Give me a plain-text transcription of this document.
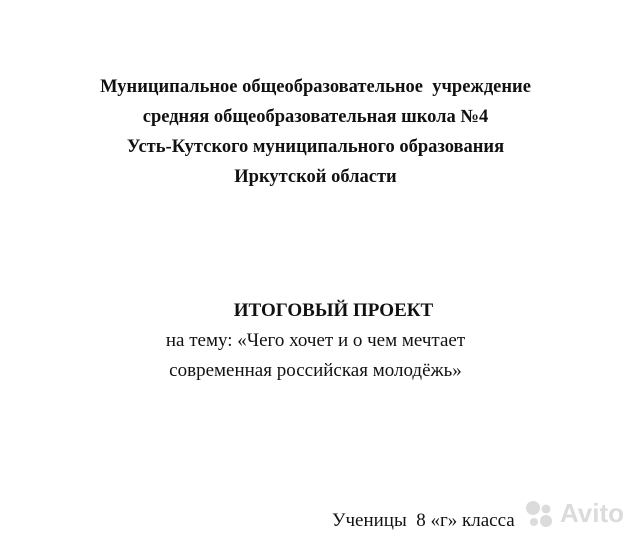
Муниципальное общеобразовательное  учреждение
средняя общеобразовательная школа №4
Усть-Кутского муниципального образования
Иркутской области
ИТОГОВЫЙ ПРОЕКТ
на тему: «Чего хочет и о чем мечтает
современная российская молодёжь»
Ученицы  8 «г» класса Avito
